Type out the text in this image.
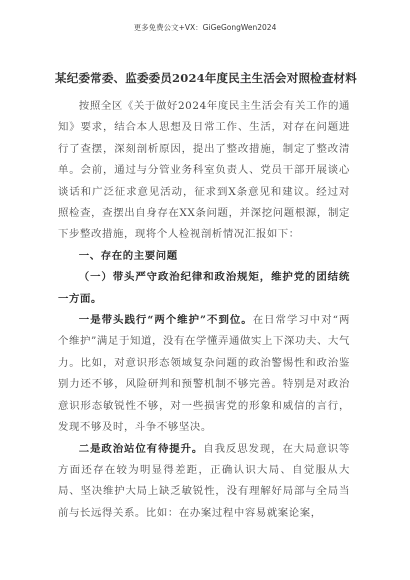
更多免费公文+VX：GiGeGongWen2024
某纪委常委、监委委员2024年度民主生活会对照检查材料

按照全区《关于做好2024年度民主生活会有关工作的通知》要求，结合本人思想及日常工作、生活，对存在问题进行了查摆，深刻剖析原因，提出了整改措施，制定了整改清单。会前，通过与分管业务科室负责人、党员干部开展谈心谈话和广泛征求意见活动，征求到X条意见和建议。经过对照检查，查摆出自身存在XX条问题，并深挖问题根源，制定下步整改措施，现将个人检视剖析情况汇报如下：

一、存在的主要问题

（一）带头严守政治纪律和政治规矩，维护党的团结统一方面。

一是带头践行“两个维护”不到位。在日常学习中对“两个维护”满足于知道，没有在学懂弄通做实上下深功夫、大气力。比如，对意识形态领域复杂问题的政治警惕性和政治鉴别力还不够，风险研判和预警机制不够完善。特别是对政治意识形态敏锐性不够，对一些损害党的形象和威信的言行，发现不够及时，斗争不够坚决。

二是政治站位有待提升。自我反思发现，在大局意识等方面还存在较为明显得差距，正确认识大局、自觉服从大局、坚决维护大局上缺乏敏锐性，没有理解好局部与全局当前与长远得关系。比如：在办案过程中容易就案论案，
